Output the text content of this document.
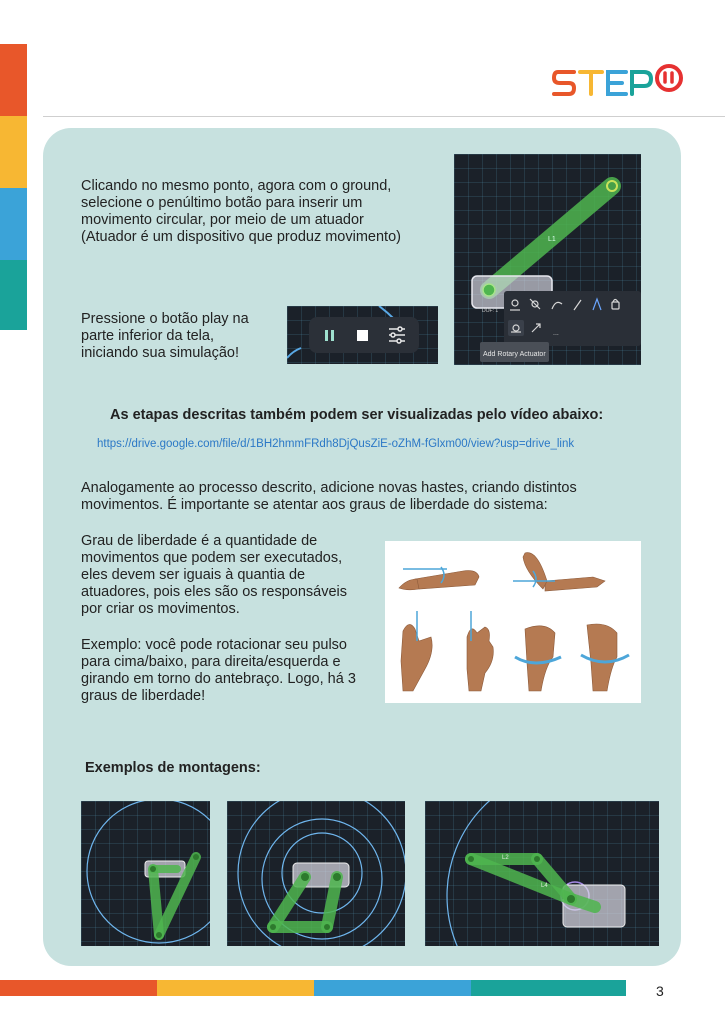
Clicando no mesmo ponto, agora com o ground,
selecione o penúltimo botão para inserir um
movimento circular, por meio de um atuador
(Atuador é um dispositivo que produz movimento)
...
L1
DOF: 1
Add Rotary Actuator
Pressione o botão play na
parte inferior da tela,
iniciando sua simulação!
As etapas descritas também podem ser visualizadas pelo vídeo abaixo:
https://drive.google.com/file/d/1BH2hmmFRdh8DjQusZiE-oZhM-fGlxm00/view?usp=drive_link
Analogamente ao processo descrito, adicione novas hastes, criando distintos
movimentos. É importante se atentar aos graus de liberdade do sistema:
Grau de liberdade é a quantidade de
movimentos que podem ser executados,
eles devem ser iguais à quantia de
atuadores, pois eles são os responsáveis
por criar os movimentos.
Exemplo: você pode rotacionar seu pulso
para cima/baixo, para direita/esquerda e
girando em torno do antebraço. Logo, há 3
graus de liberdade!
Exemplos de montagens:
L2
L4
3
